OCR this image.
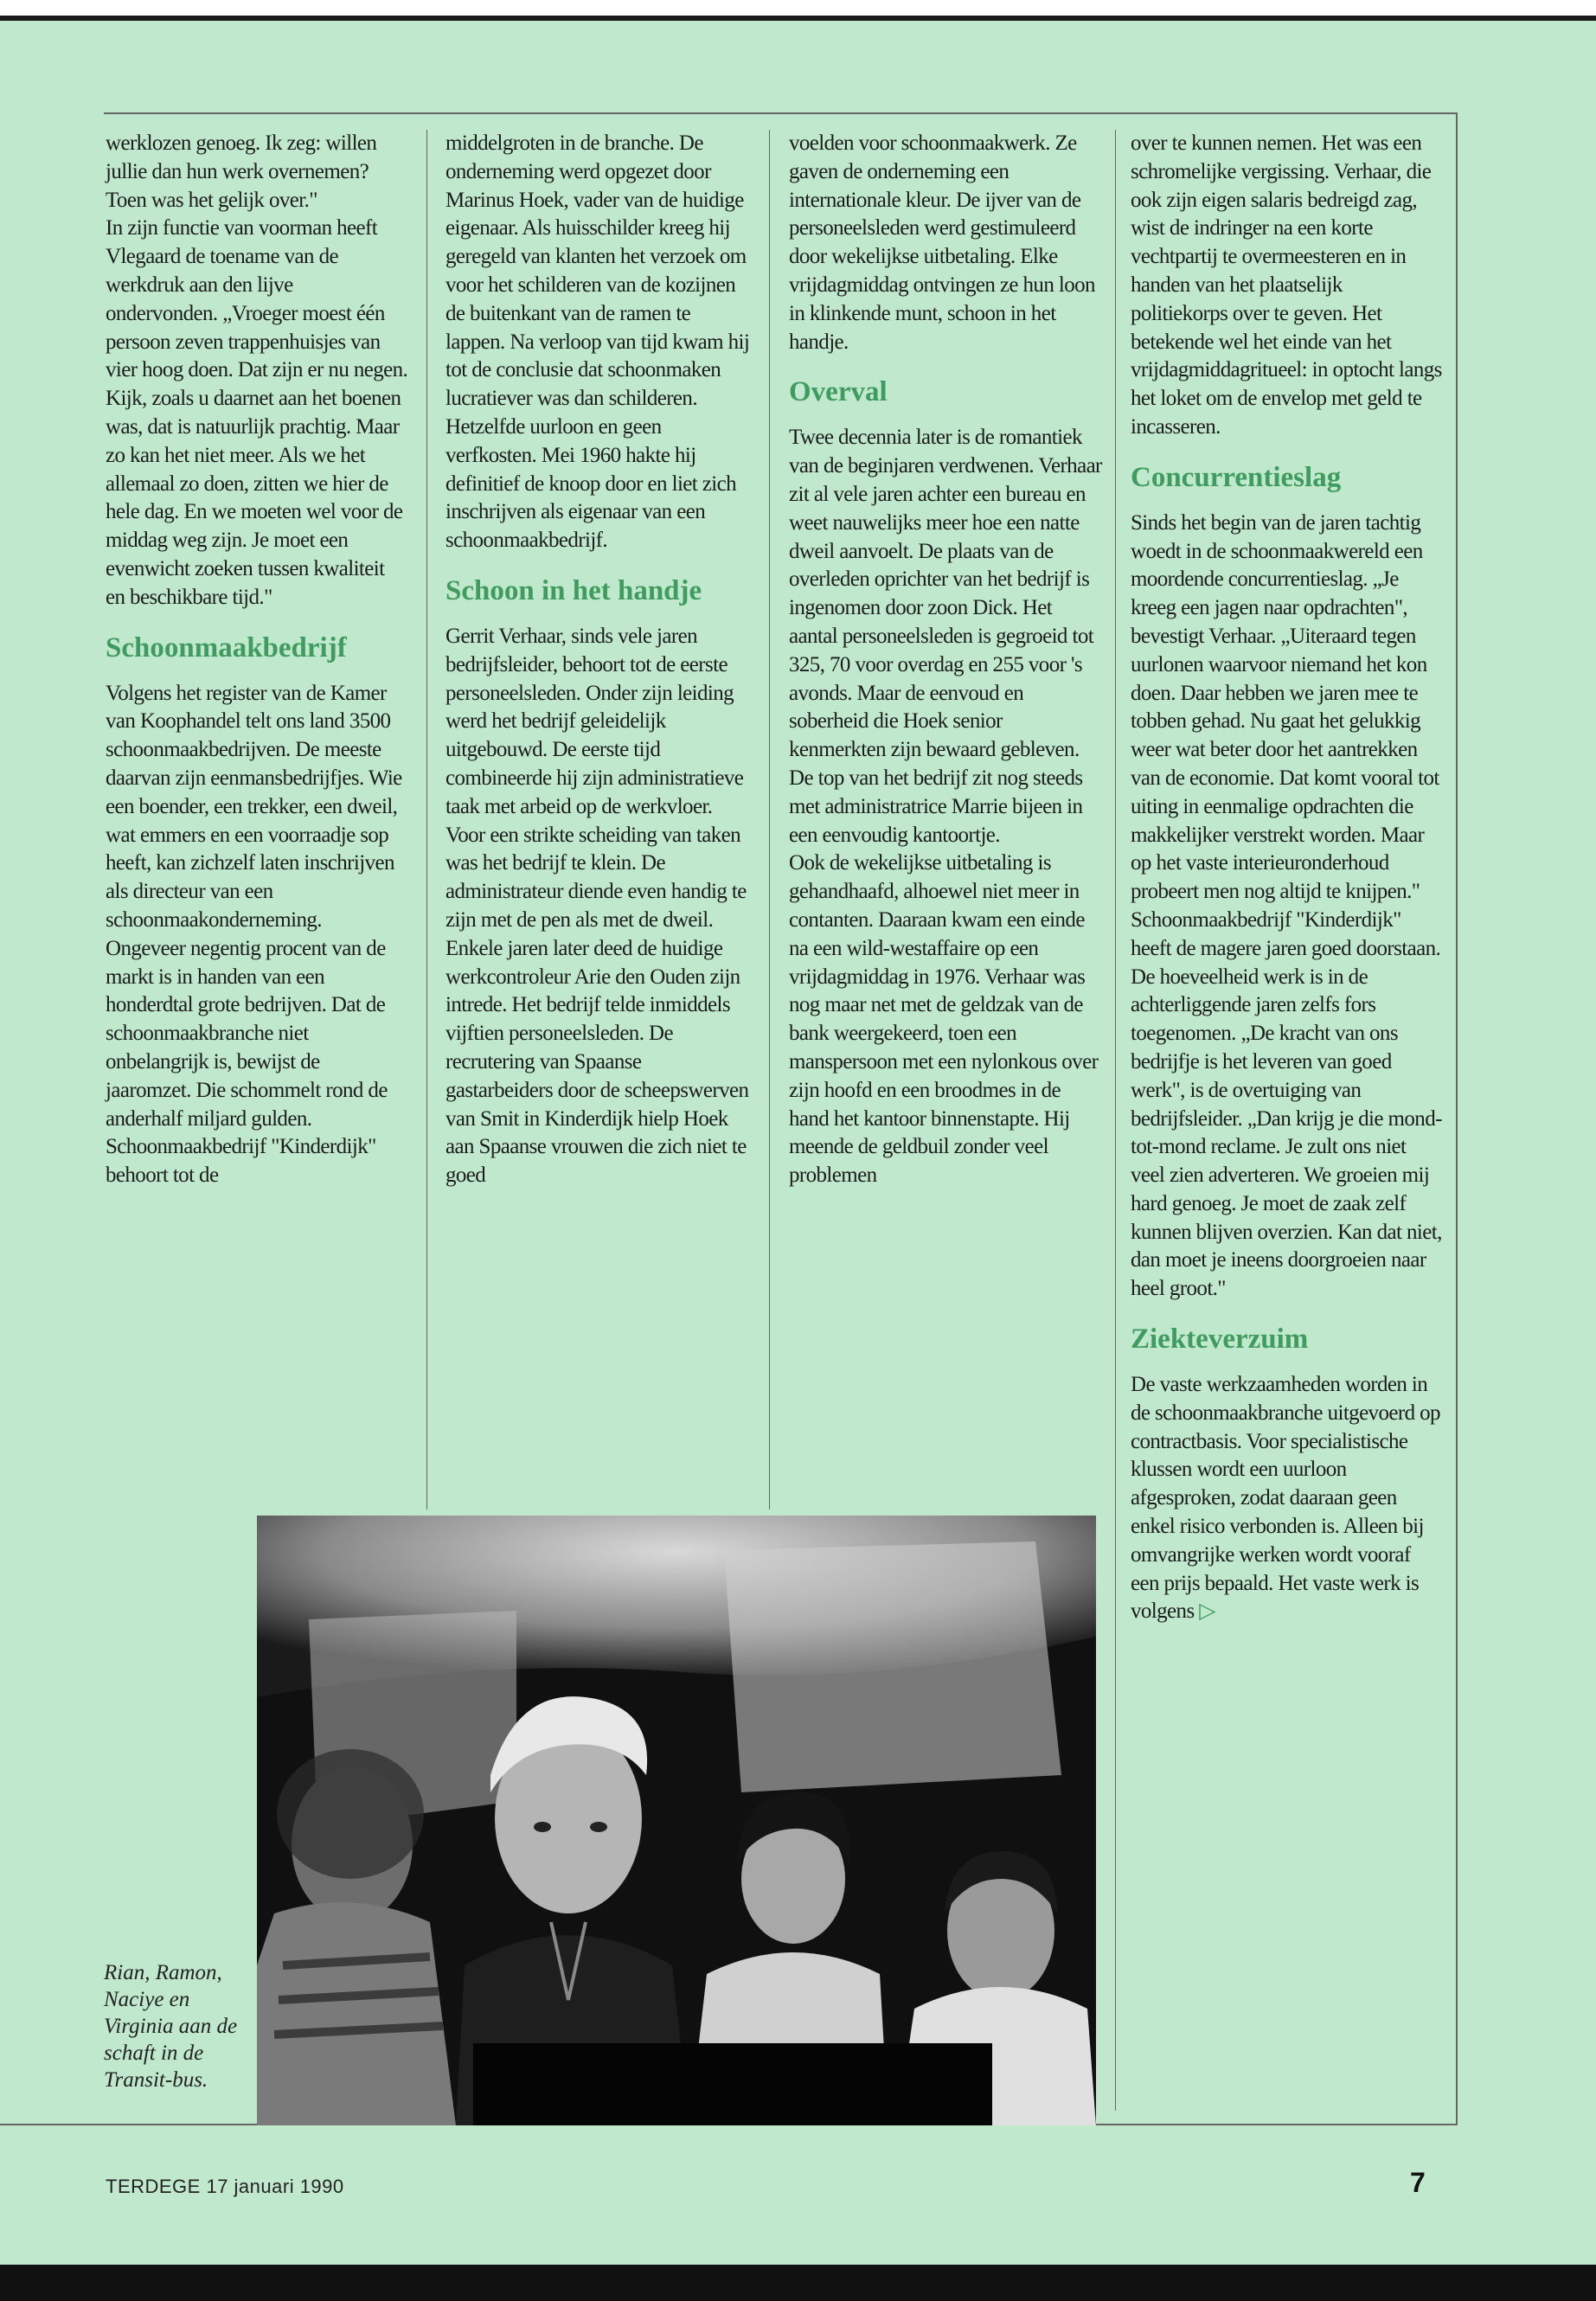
werklozen genoeg. Ik zeg: willen jullie dan hun werk overnemen? Toen was het gelijk over."

In zijn functie van voorman heeft Vlegaard de toename van de werkdruk aan den lijve ondervonden. „Vroeger moest één persoon zeven trappenhuisjes van vier hoog doen. Dat zijn er nu negen. Kijk, zoals u daarnet aan het boenen was, dat is natuurlijk prachtig. Maar zo kan het niet meer. Als we het allemaal zo doen, zitten we hier de hele dag. En we moeten wel voor de middag weg zijn. Je moet een evenwicht zoeken tussen kwaliteit en beschikbare tijd."

Schoonmaakbedrijf

Volgens het register van de Kamer van Koophandel telt ons land 3500 schoonmaakbedrijven. De meeste daarvan zijn eenmansbedrijfjes. Wie een boender, een trekker, een dweil, wat emmers en een voorraadje sop heeft, kan zichzelf laten inschrijven als directeur van een schoonmaakonderneming.

Ongeveer negentig procent van de markt is in handen van een honderdtal grote bedrijven. Dat de schoonmaakbranche niet onbelangrijk is, bewijst de jaaromzet. Die schommelt rond de anderhalf miljard gulden.

Schoonmaakbedrijf "Kinderdijk" behoort tot de

middelgroten in de branche. De onderneming werd opgezet door Marinus Hoek, vader van de huidige eigenaar. Als huisschilder kreeg hij geregeld van klanten het verzoek om voor het schilderen van de kozijnen de buitenkant van de ramen te lappen. Na verloop van tijd kwam hij tot de conclusie dat schoonmaken lucratiever was dan schilderen. Hetzelfde uurloon en geen verfkosten. Mei 1960 hakte hij definitief de knoop door en liet zich inschrijven als eigenaar van een schoonmaakbedrijf.

Schoon in het handje

Gerrit Verhaar, sinds vele jaren bedrijfsleider, behoort tot de eerste personeelsleden. Onder zijn leiding werd het bedrijf geleidelijk uitgebouwd. De eerste tijd combineerde hij zijn administratieve taak met arbeid op de werkvloer. Voor een strikte scheiding van taken was het bedrijf te klein. De administrateur diende even handig te zijn met de pen als met de dweil.

Enkele jaren later deed de huidige werkcontroleur Arie den Ouden zijn intrede. Het bedrijf telde inmiddels vijftien personeelsleden. De recrutering van Spaanse gastarbeiders door de scheepswerven van Smit in Kinderdijk hielp Hoek aan Spaanse vrouwen die zich niet te goed

voelden voor schoonmaakwerk. Ze gaven de onderneming een internationale kleur. De ijver van de personeelsleden werd gestimuleerd door wekelijkse uitbetaling. Elke vrijdagmiddag ontvingen ze hun loon in klinkende munt, schoon in het handje.

Overval

Twee decennia later is de romantiek van de beginjaren verdwenen. Verhaar zit al vele jaren achter een bureau en weet nauwelijks meer hoe een natte dweil aanvoelt. De plaats van de overleden oprichter van het bedrijf is ingenomen door zoon Dick. Het aantal personeelsleden is gegroeid tot 325, 70 voor overdag en 255 voor 's avonds. Maar de eenvoud en soberheid die Hoek senior kenmerkten zijn bewaard gebleven. De top van het bedrijf zit nog steeds met administratrice Marrie bijeen in een eenvoudig kantoortje.

Ook de wekelijkse uitbetaling is gehandhaafd, alhoewel niet meer in contanten. Daaraan kwam een einde na een wild-westaffaire op een vrijdagmiddag in 1976. Verhaar was nog maar net met de geldzak van de bank weergekeerd, toen een manspersoon met een nylonkous over zijn hoofd en een broodmes in de hand het kantoor binnenstapte. Hij meende de geldbuil zonder veel problemen

over te kunnen nemen. Het was een schromelijke vergissing. Verhaar, die ook zijn eigen salaris bedreigd zag, wist de indringer na een korte vechtpartij te overmeesteren en in handen van het plaatselijk politiekorps over te geven. Het betekende wel het einde van het vrijdagmiddagritueel: in optocht langs het loket om de envelop met geld te incasseren.

Concurrentieslag

Sinds het begin van de jaren tachtig woedt in de schoonmaakwereld een moordende concurrentieslag. „Je kreeg een jagen naar opdrachten", bevestigt Verhaar. „Uiteraard tegen uurlonen waarvoor niemand het kon doen. Daar hebben we jaren mee te tobben gehad. Nu gaat het gelukkig weer wat beter door het aantrekken van de economie. Dat komt vooral tot uiting in eenmalige opdrachten die makkelijker verstrekt worden. Maar op het vaste interieuronderhoud probeert men nog altijd te knijpen."

Schoonmaakbedrijf "Kinderdijk" heeft de magere jaren goed doorstaan. De hoeveelheid werk is in de achterliggende jaren zelfs fors toegenomen. „De kracht van ons bedrijfje is het leveren van goed werk", is de overtuiging van bedrijfsleider. „Dan krijg je die mond-tot-mond reclame. Je zult ons niet veel zien adverteren. We groeien mij hard genoeg. Je moet de zaak zelf kunnen blijven overzien. Kan dat niet, dan moet je ineens doorgroeien naar heel groot."

Ziekteverzuim

De vaste werkzaamheden worden in de schoonmaakbranche uitgevoerd op contractbasis. Voor specialistische klussen wordt een uurloon afgesproken, zodat daaraan geen enkel risico verbonden is. Alleen bij omvangrijke werken wordt vooraf een prijs bepaald. Het vaste werk is volgens ▷

Rian, Ramon, Naciye en Virginia aan de schaft in de Transit-bus.
TERDEGE 17 januari 1990	7
